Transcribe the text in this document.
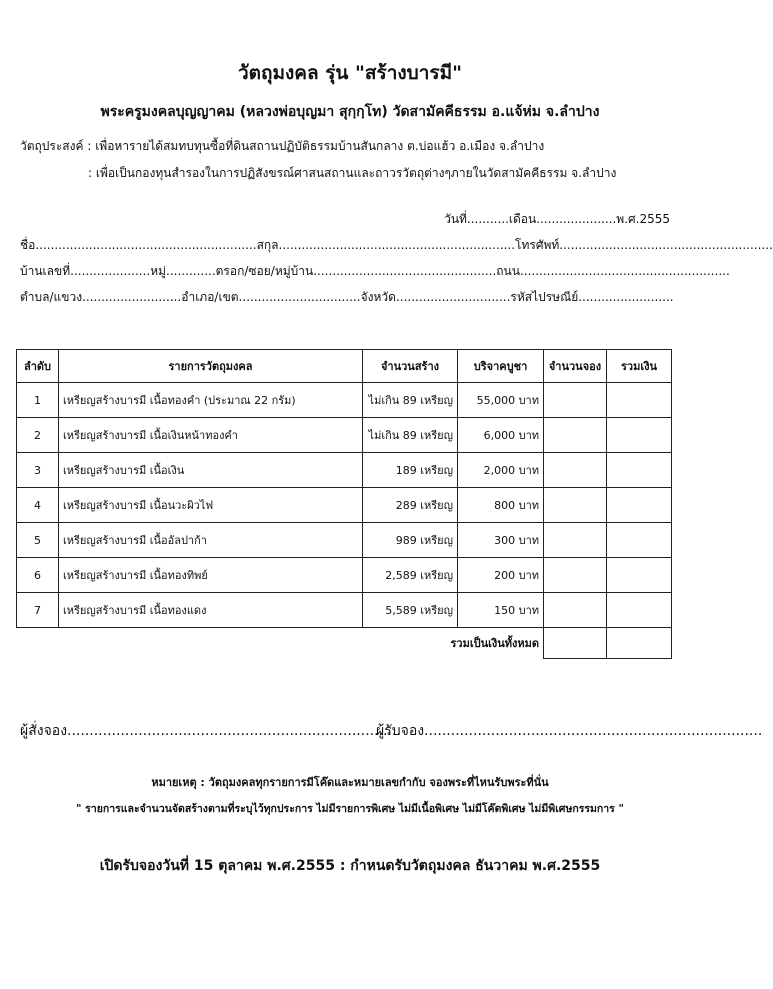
วัตถุมงคล รุ่น "สร้างบารมี"
พระครูมงคลบุญญาคม (หลวงพ่อบุญมา สุกฺกฺโท) วัดสามัคคีธรรม อ.แจ้ห่ม จ.ลำปาง
วัตถุประสงค์ : เพื่อหารายได้สมทบทุนซื้อที่ดินสถานปฏิบัติธรรมบ้านสันกลาง ต.บ่อแฮ้ว อ.เมือง จ.ลำปาง
: เพื่อเป็นกองทุนสำรองในการปฏิสังขรณ์ศาสนสถานและถาวรวัตถุต่างๆภายในวัดสามัคคีธรรม จ.ลำปาง
วันที่...........เดือน.....................พ.ศ.2555
ชื่อ..........................................................สกุล..............................................................โทรศัพท์........................................................
บ้านเลขที่.....................หมู่.............ตรอก/ซอย/หมู่บ้าน................................................ถนน.......................................................
ตำบล/แขวง..........................อำเภอ/เขต................................จังหวัด..............................รหัสไปรษณีย์.........................
ลำดับ	รายการวัตถุมงคล	จำนวนสร้าง	บริจาคบูชา	จำนวนจอง	รวมเงิน
1	เหรียญสร้างบารมี เนื้อทองคำ (ประมาณ 22 กรัม)	ไม่เกิน 89 เหรียญ	55,000 บาท		
2	เหรียญสร้างบารมี เนื้อเงินหน้าทองคำ	ไม่เกิน 89 เหรียญ	6,000 บาท		
3	เหรียญสร้างบารมี เนื้อเงิน	189 เหรียญ	2,000 บาท		
4	เหรียญสร้างบารมี เนื้อนวะผิวไฟ	289 เหรียญ	800 บาท		
5	เหรียญสร้างบารมี เนื้ออัลปาก้า	989 เหรียญ	300 บาท		
6	เหรียญสร้างบารมี เนื้อทองทิพย์	2,589 เหรียญ	200 บาท		
7	เหรียญสร้างบารมี เนื้อทองแดง	5,589 เหรียญ	150 บาท		
	รวมเป็นเงินทั้งหมด				
ผู้สั่งจอง...........................................................................
ผู้รับจอง............................................................................
หมายเหตุ : วัตถุมงคลทุกรายการมีโค๊ดและหมายเลขกำกับ จองพระที่ไหนรับพระที่นั่น
" รายการและจำนวนจัดสร้างตามที่ระบุไว้ทุกประการ ไม่มีรายการพิเศษ ไม่มีเนื้อพิเศษ ไม่มีโค๊ดพิเศษ ไม่มีพิเศษกรรมการ "
เปิดรับจองวันที่ 15 ตุลาคม พ.ศ.2555 : กำหนดรับวัตถุมงคล ธันวาคม พ.ศ.2555
